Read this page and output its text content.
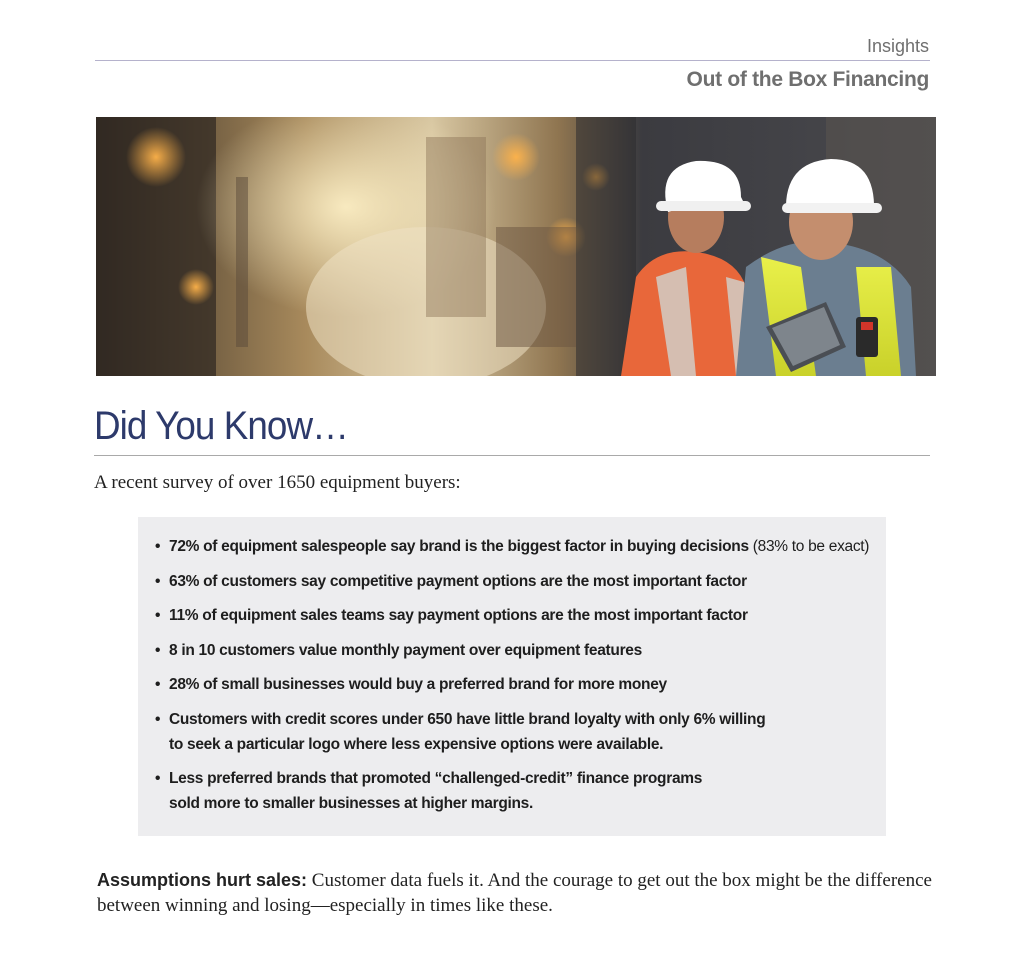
Insights
Out of the Box Financing
Did You Know…
A recent survey of over 1650 equipment buyers:
• 72% of equipment salespeople say brand is the biggest factor in buying decisions (83% to be exact)
• 63% of customers say competitive payment options are the most important factor
• 11% of equipment sales teams say payment options are the most important factor
• 8 in 10 customers value monthly payment over equipment features
• 28% of small businesses would buy a preferred brand for more money
• Customers with credit scores under 650 have little brand loyalty with only 6% willing
to seek a particular logo where less expensive options were available.
• Less preferred brands that promoted “challenged-credit” finance programs
sold more to smaller businesses at higher margins.
Assumptions hurt sales: Customer data fuels it. And the courage to get out the box might be the difference between winning and losing—especially in times like these.
